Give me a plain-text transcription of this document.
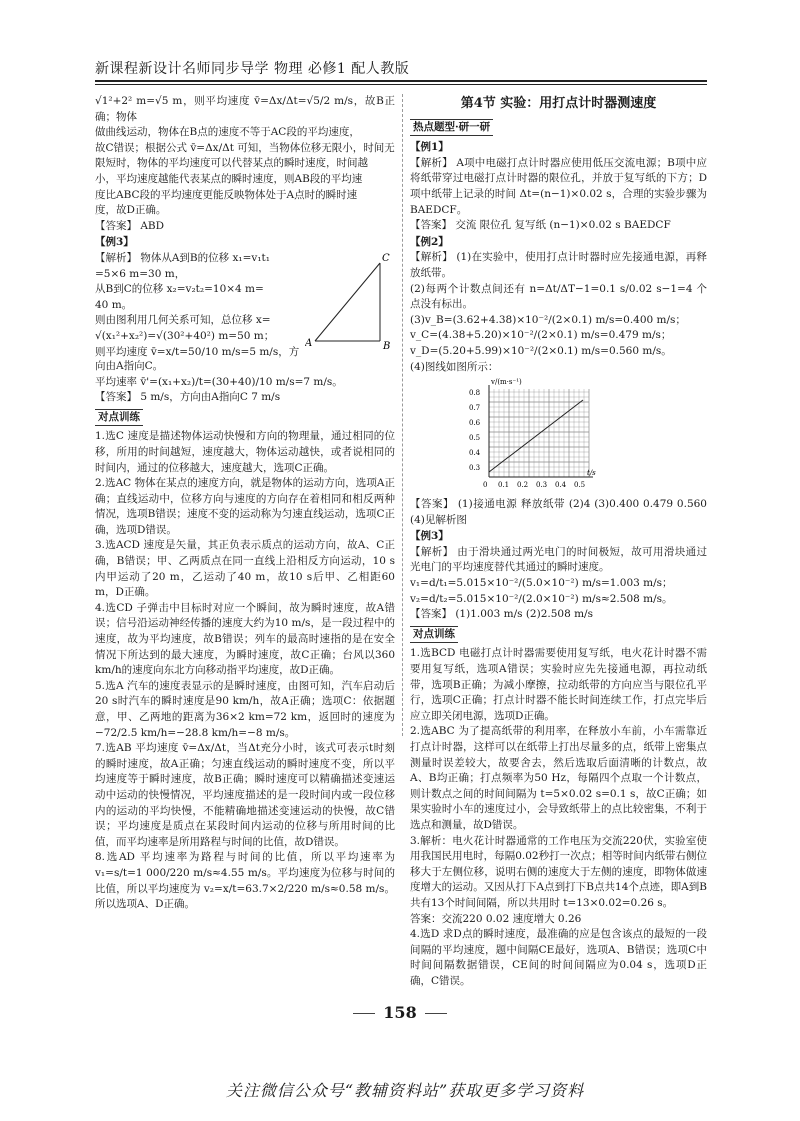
新课程新设计名师同步导学 物理 必修1 配人教版

√1²+2² m=√5 m，则平均速度 v̄=Δx/Δt=√5/2 m/s，故B正确；物体

做曲线运动，物体在B点的速度不等于AC段的平均速度，

故C错误；根据公式 v̄=Δx/Δt 可知，当物体位移无限小，时间无

限短时，物体的平均速度可以代替某点的瞬时速度，时间越

小，平均速度越能代表某点的瞬时速度，则AB段的平均速

度比ABC段的平均速度更能反映物体处于A点时的瞬时速

度，故D正确。

【答案】 ABD

【例3】

【解析】 物体从A到B的位移 x₁=v₁t₁

=5×6 m=30 m，

从B到C的位移 x₂=v₂t₂=10×4 m=

40 m。

则由图利用几何关系可知，总位移 x=

√(x₁²+x₂²)=√(30²+40²) m=50 m；

则平均速度 v̄=x/t=50/10 m/s=5 m/s，方

A	B
C

向由A指向C。

平均速率 v̄'=(x₁+x₂)/t=(30+40)/10 m/s=7 m/s。

【答案】 5 m/s，方向由A指向C 7 m/s

对点训练

1.选C 速度是描述物体运动快慢和方向的物理量，通过相同的位移，所用的时间越短，速度越大，物体运动越快，或者说相同的时间内，通过的位移越大，速度越大，选项C正确。

2.选AC 物体在某点的速度方向，就是物体的运动方向，选项A正确；直线运动中，位移方向与速度的方向存在着相同和相反两种情况，选项B错误；速度不变的运动称为匀速直线运动，选项C正确，选项D错误。

3.选ACD 速度是矢量，其正负表示质点的运动方向，故A、C正确，B错误；甲、乙两质点在同一直线上沿相反方向运动，10 s内甲运动了20 m，乙运动了40 m，故10 s后甲、乙相距60 m，D正确。

4.选CD 子弹击中目标时对应一个瞬间，故为瞬时速度，故A错误；信号沿运动神经传播的速度大约为10 m/s，是一段过程中的速度，故为平均速度，故B错误；列车的最高时速指的是在安全情况下所达到的最大速度，为瞬时速度，故C正确；台风以360 km/h的速度向东北方向移动指平均速度，故D正确。

5.选A 汽车的速度表显示的是瞬时速度，由图可知，汽车启动后20 s时汽车的瞬时速度是90 km/h，故A正确；选项C：依据题意，甲、乙两地的距离为36×2 km=72 km，返回时的速度为 −72/2.5 km/h=−28.8 km/h=−8 m/s。

7.选AB 平均速度 v̄=Δx/Δt，当Δt充分小时，该式可表示t时刻的瞬时速度，故A正确；匀速直线运动的瞬时速度不变，所以平均速度等于瞬时速度，故B正确；瞬时速度可以精确描述变速运动中运动的快慢情况，平均速度描述的是一段时间内或一段位移内的运动的平均快慢，不能精确地描述变速运动的快慢，故C错误；平均速度是质点在某段时间内运动的位移与所用时间的比值，而平均速率是所用路程与时间的比值，故D错误。

8.选AD 平均速率为路程与时间的比值，所以平均速率为 v₁=s/t=1 000/220 m/s≈4.55 m/s。平均速度为位移与时间的比值，所以平均速度为 v₂=x/t=63.7×2/220 m/s≈0.58 m/s。所以选项A、D正确。

第4节 实验：用打点计时器测速度
热点题型·研一研

【例1】

【解析】 A项中电磁打点计时器应使用低压交流电源；B项中应将纸带穿过电磁打点计时器的限位孔，并放于复写纸的下方；D项中纸带上记录的时间 Δt=(n−1)×0.02 s，合理的实验步骤为 BAEDCF。

【答案】 交流 限位孔 复写纸 (n−1)×0.02 s BAEDCF

【例2】

【解析】 (1)在实验中，使用打点计时器时应先接通电源，再释放纸带。

(2)每两个计数点间还有 n=Δt/ΔT−1=0.1 s/0.02 s−1=4 个点没有标出。

(3)v_B=(3.62+4.38)×10⁻²/(2×0.1) m/s=0.400 m/s；

v_C=(4.38+5.20)×10⁻²/(2×0.1) m/s=0.479 m/s；

v_D=(5.20+5.99)×10⁻²/(2×0.1) m/s=0.560 m/s。

(4)图线如图所示：

v/(m·s⁻¹)
t/s
0.8
0.7
0.6
0.5
0.4
0.3
0 0.1 0.2 0.3 0.4 0.5

【答案】 (1)接通电源 释放纸带 (2)4 (3)0.400 0.479 0.560 (4)见解析图

【例3】

【解析】 由于滑块通过两光电门的时间极短，故可用滑块通过光电门的平均速度替代其通过的瞬时速度。

v₁=d/t₁=5.015×10⁻²/(5.0×10⁻²) m/s=1.003 m/s；

v₂=d/t₂=5.015×10⁻²/(2.0×10⁻²) m/s≈2.508 m/s。

【答案】 (1)1.003 m/s (2)2.508 m/s

对点训练

1.选BCD 电磁打点计时器需要使用复写纸，电火花计时器不需要用复写纸，选项A错误；实验时应先先接通电源，再拉动纸带，选项B正确；为减小摩擦，拉动纸带的方向应当与限位孔平行，选项C正确；打点计时器不能长时间连续工作，打点完毕后应立即关闭电源，选项D正确。

2.选ABC 为了提高纸带的利用率，在释放小车前，小车需靠近打点计时器，这样可以在纸带上打出尽量多的点，纸带上密集点测量时误差较大，故要舍去，然后选取后面清晰的计数点，故A、B均正确；打点频率为50 Hz，每隔四个点取一个计数点，则计数点之间的时间间隔为 t=5×0.02 s=0.1 s，故C正确；如果实验时小车的速度过小，会导致纸带上的点比较密集，不利于选点和测量，故D错误。

3.解析：电火花计时器通常的工作电压为交流220伏，实验室使用我国民用电时，每隔0.02秒打一次点；相等时间内纸带右侧位移大于左侧位移，说明右侧的速度大于左侧的速度，即物体做速度增大的运动。又因从打下A点到打下B点共14个点迹，即A到B共有13个时间间隔，所以共用时 t=13×0.02=0.26 s。

答案：交流220 0.02 速度增大 0.26

4.选D 求D点的瞬时速度，最准确的应是包含该点的最短的一段间隔的平均速度，题中间隔CE最好，选项A、B错误；选项C中时间间隔数据错误，CE间的时间间隔应为0.04 s，选项D正确，C错误。

158
关注微信公众号“教辅资料站”获取更多学习资料
